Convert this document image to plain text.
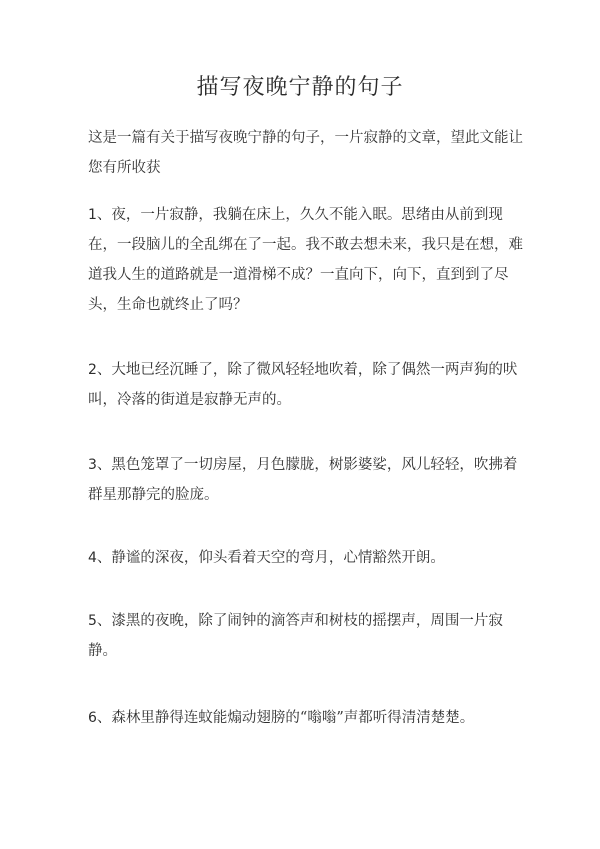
描写夜晚宁静的句子
这是一篇有关于描写夜晚宁静的句子，一片寂静的文章，望此文能让您有所收获
1、夜，一片寂静，我躺在床上，久久不能入眠。思绪由从前到现在，一段脑儿的全乱绑在了一起。我不敢去想未来，我只是在想，难道我人生的道路就是一道滑梯不成？一直向下，向下，直到到了尽头，生命也就终止了吗？
2、大地已经沉睡了，除了微风轻轻地吹着，除了偶然一两声狗的吠叫，冷落的街道是寂静无声的。
3、黑色笼罩了一切房屋，月色朦胧，树影婆娑，风儿轻轻，吹拂着群星那静完的脸庞。
4、静谧的深夜，仰头看着天空的弯月，心情豁然开朗。
5、漆黑的夜晚，除了闹钟的滴答声和树枝的摇摆声，周围一片寂静。
6、森林里静得连蚊能煽动翅膀的“嗡嗡”声都听得清清楚楚。
